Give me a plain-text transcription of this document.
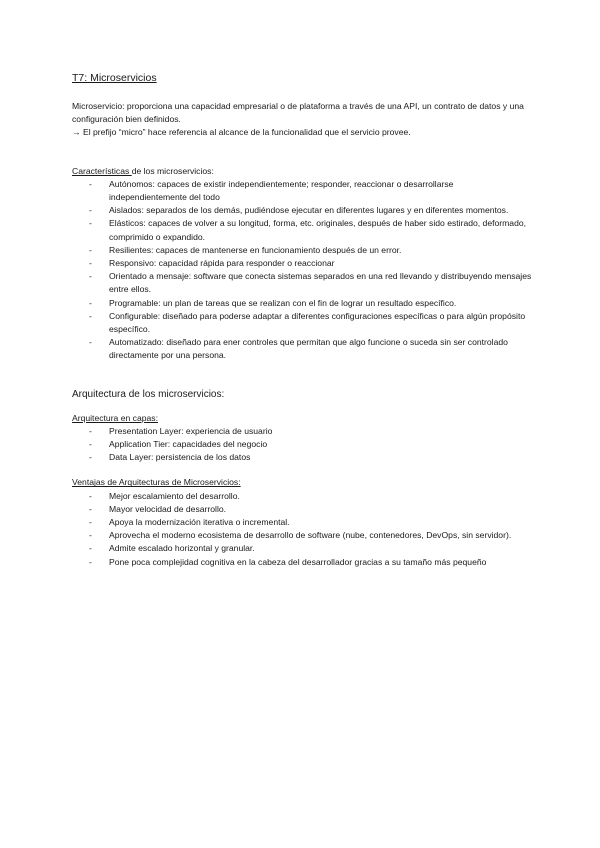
T7: Microservicios

Microservicio: proporciona una capacidad empresarial o de plataforma a través de una API, un contrato de datos y una configuración bien definidos.

→ El prefijo “micro” hace referencia al alcance de la funcionalidad que el servicio provee.

Características de los microservicios:

- Autónomos: capaces de existir independientemente; responder, reaccionar o desarrollarse independientemente del todo
- Aislados: separados de los demás, pudiéndose ejecutar en diferentes lugares y en diferentes momentos.
- Elásticos: capaces de volver a su longitud, forma, etc. originales, después de haber sido estirado, deformado, comprimido o expandido.
- Resilientes: capaces de mantenerse en funcionamiento después de un error.
- Responsivo: capacidad rápida para responder o reaccionar
- Orientado a mensaje: software que conecta sistemas separados en una red llevando y distribuyendo mensajes entre ellos.
- Programable: un plan de tareas que se realizan con el fin de lograr un resultado específico.
- Configurable: diseñado para poderse adaptar a diferentes configuraciones específicas o para algún propósito específico.
- Automatizado: diseñado para ener controles que permitan que algo funcione o suceda sin ser controlado directamente por una persona.

Arquitectura de los microservicios:

Arquitectura en capas:

- Presentation Layer: experiencia de usuario
- Application Tier: capacidades del negocio
- Data Layer: persistencia de los datos

Ventajas de Arquitecturas de Microservicios:

- Mejor escalamiento del desarrollo.
- Mayor velocidad de desarrollo.
- Apoya la modernización iterativa o incremental.
- Aprovecha el moderno ecosistema de desarrollo de software (nube, contenedores, DevOps, sin servidor).
- Admite escalado horizontal y granular.
- Pone poca complejidad cognitiva en la cabeza del desarrollador gracias a su tamaño más pequeño
